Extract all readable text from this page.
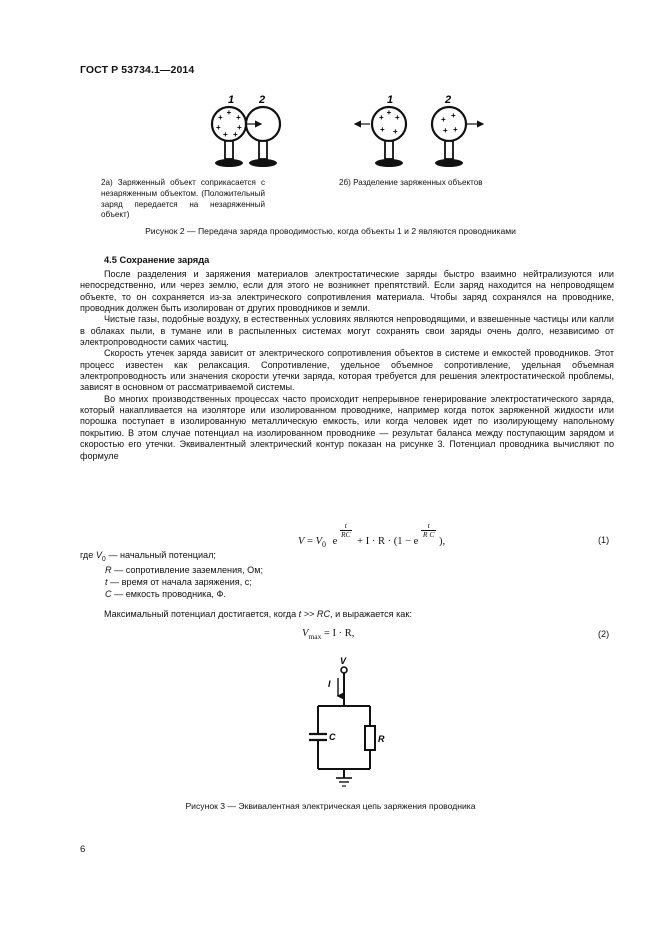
ГОСТ Р 53734.1—2014
+
+
+
+
+ +
+
1 2
+
+
+
+ +
+ +
+ +
1	2
2а) Заряженный объект соприкасается с незаряженным объектом. (Положительный заряд передается на незаряженный объект)
2б) Разделение заряженных объектов
Рисунок 2 — Передача заряда проводимостью, когда объекты 1 и 2 являются проводниками
4.5 Сохранение заряда

После разделения и заряжения материалов электростатические заряды быстро взаимно нейтрализуются или непосредственно, или через землю, если для этого не возникнет препятствий. Если заряд находится на непроводящем объекте, то он сохраняется из-за электрического сопротивления материала. Чтобы заряд сохранялся на проводнике, проводник должен быть изолирован от других проводников и земли.

Чистые газы, подобные воздуху, в естественных условиях являются непроводящими, и взвешенные частицы или капли в облаках пыли, в тумане или в распыленных системах могут сохранять свои заряды очень долго, независимо от электропроводности самих частиц.

Скорость утечек заряда зависит от электрического сопротивления объектов в системе и емкостей проводников. Этот процесс известен как релаксация. Сопротивление, удельное объемное сопротивление, удельная объемная электропроводность или значения скорости утечки заряда, которая требуется для решения электростатической проблемы, зависят в основном от рассматриваемой системы.

Во многих производственных процессах часто происходит непрерывное генерирование электростатического заряда, который накапливается на изоляторе или изолированном проводнике, например когда поток заряженной жидкости или порошка поступает в изолированную металлическую емкость, или когда человек идет по изолирующему напольному покрытию. В этом случае потенциал на изолированном проводнике — результат баланса между поступающим зарядом и скоростью его утечки. Эквивалентный электрический контур показан на рисунке 3. Потенциал проводника вычисляют по формуле

$V = V_0$ e
$\frac{t}{RC}$
+ I · R · (1 − e
$\frac{t}{\text{R C}}$
),	(1)
где $V_0$ — начальный потенциал;
R — сопротивление заземления, Ом;
t — время от начала заряжения, с;
C — емкость проводника, Ф.
Максимальный потенциал достигается, когда t >> RC, и выражается как:
$V_{max} = I \cdot R$,	(2)
V
I
C	R
Рисунок 3 — Эквивалентная электрическая цепь заряжения проводника
6
